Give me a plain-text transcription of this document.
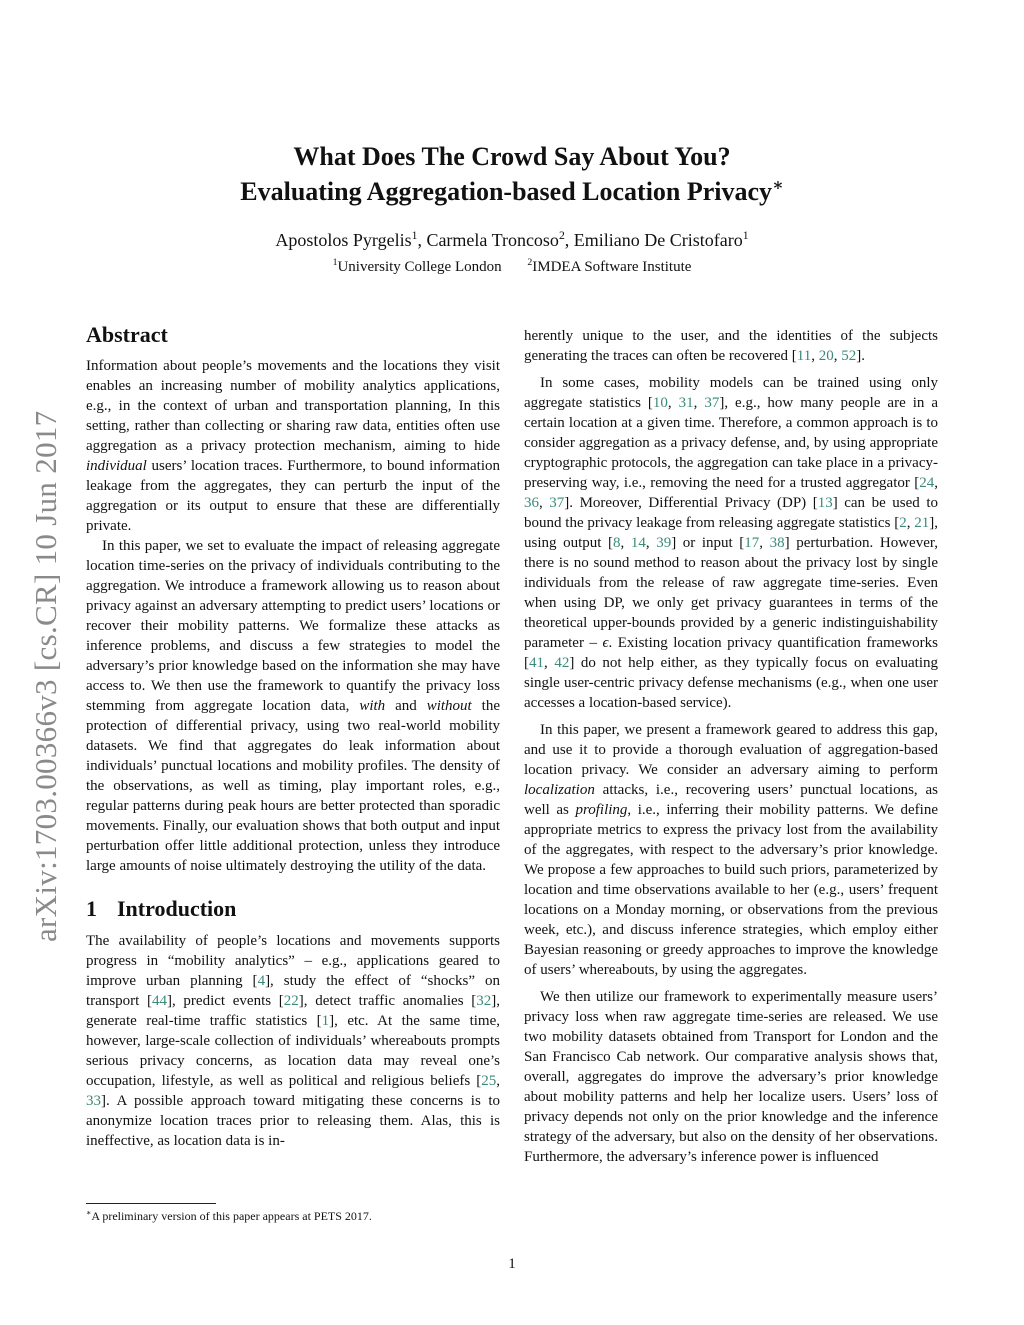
arXiv:1703.00366v3 [cs.CR] 10 Jun 2017
What Does The Crowd Say About You?
Evaluating Aggregation-based Location Privacy∗
Apostolos Pyrgelis$^1$, Carmela Troncoso$^2$, Emiliano De Cristofaro$^1$
$^1$University College London	$^2$IMDEA Software Institute
Abstract

Information about people’s movements and the locations they visit enables an increasing number of mobility analytics applications, e.g., in the context of urban and transportation planning, In this setting, rather than collecting or sharing raw data, entities often use aggregation as a privacy protection mechanism, aiming to hide individual users’ location traces. Furthermore, to bound information leakage from the aggregates, they can perturb the input of the aggregation or its output to ensure that these are differentially private.

In this paper, we set to evaluate the impact of releasing aggregate location time-series on the privacy of individuals contributing to the aggregation. We introduce a framework allowing us to reason about privacy against an adversary attempting to predict users’ locations or recover their mobility patterns. We formalize these attacks as inference problems, and discuss a few strategies to model the adversary’s prior knowledge based on the information she may have access to. We then use the framework to quantify the privacy loss stemming from aggregate location data, with and without the protection of differential privacy, using two real-world mobility datasets. We find that aggregates do leak information about individuals’ punctual locations and mobility profiles. The density of the observations, as well as timing, play important roles, e.g., regular patterns during peak hours are better protected than sporadic movements. Finally, our evaluation shows that both output and input perturbation offer little additional protection, unless they introduce large amounts of noise ultimately destroying the utility of the data.

1 Introduction

The availability of people’s locations and movements supports progress in “mobility analytics” – e.g., applications geared to improve urban planning [4], study the effect of “shocks” on transport [44], predict events [22], detect traffic anomalies [32], generate real-time traffic statistics [1], etc. At the same time, however, large-scale collection of individuals’ whereabouts prompts serious privacy concerns, as location data may reveal one’s occupation, lifestyle, as well as political and religious beliefs [25, 33]. A possible approach toward mitigating these concerns is to anonymize location traces prior to releasing them. Alas, this is ineffective, as location data is in-

herently unique to the user, and the identities of the subjects generating the traces can often be recovered [11, 20, 52].

In some cases, mobility models can be trained using only aggregate statistics [10, 31, 37], e.g., how many people are in a certain location at a given time. Therefore, a common approach is to consider aggregation as a privacy defense, and, by using appropriate cryptographic protocols, the aggregation can take place in a privacy-preserving way, i.e., removing the need for a trusted aggregator [24, 36, 37]. Moreover, Differential Privacy (DP) [13] can be used to bound the privacy leakage from releasing aggregate statistics [2, 21], using output [8, 14, 39] or input [17, 38] perturbation. However, there is no sound method to reason about the privacy lost by single individuals from the release of raw aggregate time-series. Even when using DP, we only get privacy guarantees in terms of the theoretical upper-bounds provided by a generic indistinguishability parameter – ϵ. Existing location privacy quantification frameworks [41, 42] do not help either, as they typically focus on evaluating single user-centric privacy defense mechanisms (e.g., when one user accesses a location-based service).

In this paper, we present a framework geared to address this gap, and use it to provide a thorough evaluation of aggregation-based location privacy. We consider an adversary aiming to perform localization attacks, i.e., recovering users’ punctual locations, as well as profiling, i.e., inferring their mobility patterns. We define appropriate metrics to express the privacy lost from the availability of the aggregates, with respect to the adversary’s prior knowledge. We propose a few approaches to build such priors, parameterized by location and time observations available to her (e.g., users’ frequent locations on a Monday morning, or observations from the previous week, etc.), and discuss inference strategies, which employ either Bayesian reasoning or greedy approaches to improve the knowledge of users’ whereabouts, by using the aggregates.

We then utilize our framework to experimentally measure users’ privacy loss when raw aggregate time-series are released. We use two mobility datasets obtained from Transport for London and the San Francisco Cab network. Our comparative analysis shows that, overall, aggregates do improve the adversary’s prior knowledge about mobility patterns and help her localize users. Users’ loss of privacy depends not only on the prior knowledge and the inference strategy of the adversary, but also on the density of her observations. Furthermore, the adversary’s inference power is influenced

∗A preliminary version of this paper appears at PETS 2017.
1
